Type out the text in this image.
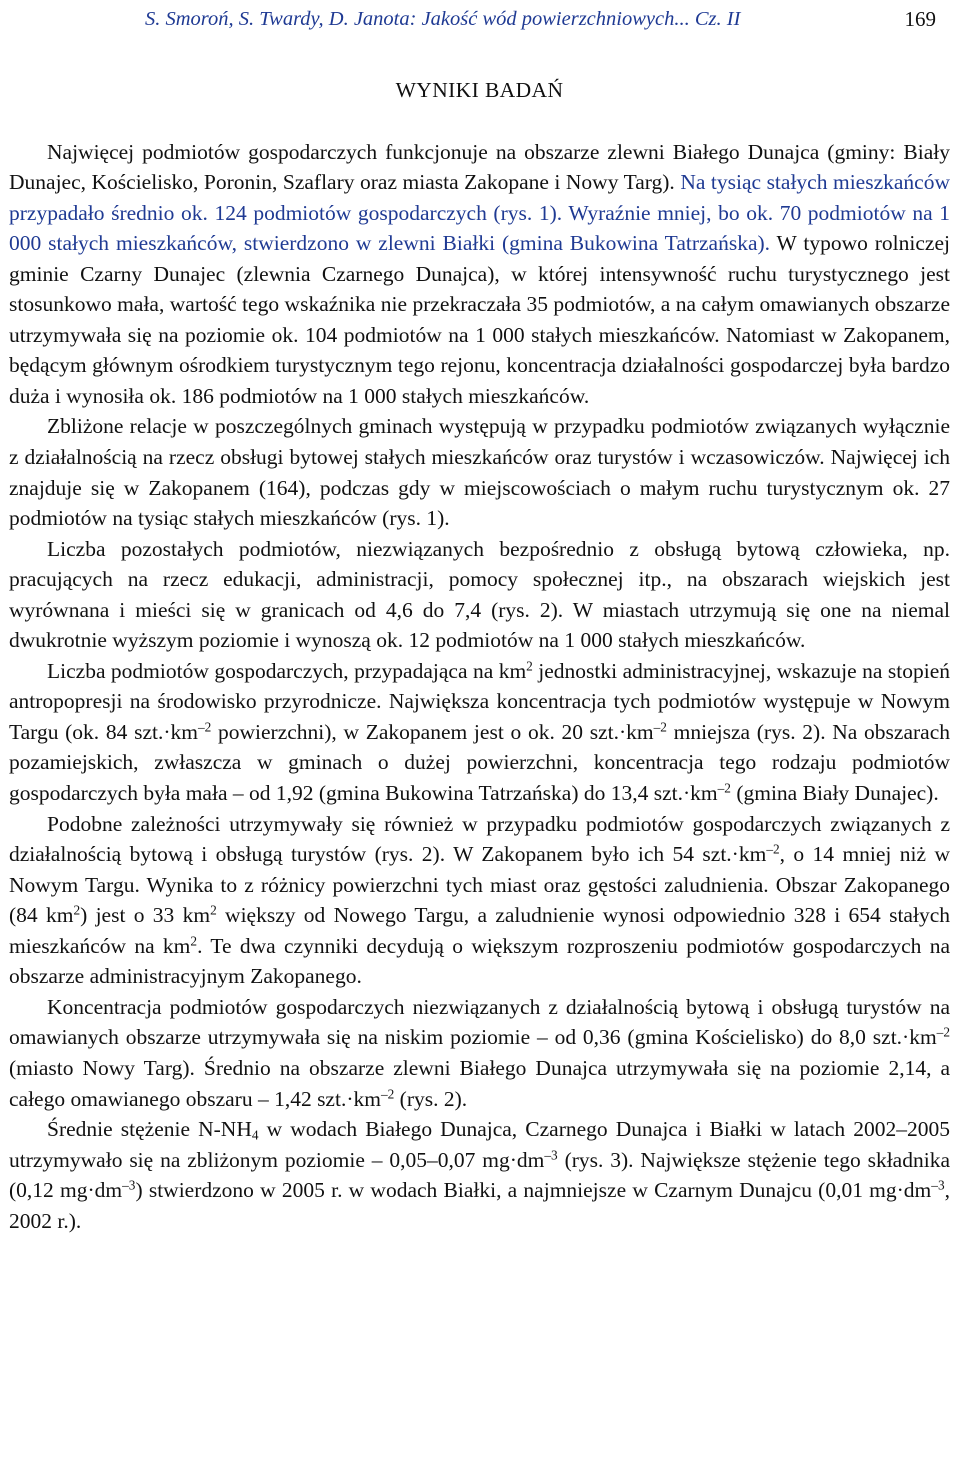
S. Smoroń, S. Twardy, D. Janota: Jakość wód powierzchniowych... Cz. II	169
WYNIKI BADAŃ

Najwięcej podmiotów gospodarczych funkcjonuje na obszarze zlewni Białego Dunajca (gminy: Biały Dunajec, Kościelisko, Poronin, Szaflary oraz miasta Zakopane i Nowy Targ). Na tysiąc stałych mieszkańców przypadało średnio ok. 124 podmiotów gospodarczych (rys. 1). Wyraźnie mniej, bo ok. 70 podmiotów na 1 000 stałych mieszkańców, stwierdzono w zlewni Białki (gmina Bukowina Tatrzańska). W typowo rolniczej gminie Czarny Dunajec (zlewnia Czarnego Dunajca), w której intensywność ruchu turystycznego jest stosunkowo mała, wartość tego wskaźnika nie przekraczała 35 podmiotów, a na całym omawianych obszarze utrzymywała się na poziomie ok. 104 podmiotów na 1 000 stałych mieszkańców. Natomiast w Zakopanem, będącym głównym ośrodkiem turystycznym tego rejonu, koncentracja działalności gospodarczej była bardzo duża i wynosiła ok. 186 podmiotów na 1 000 stałych mieszkańców.

Zbliżone relacje w poszczególnych gminach występują w przypadku podmiotów związanych wyłącznie z działalnością na rzecz obsługi bytowej stałych mieszkańców oraz turystów i wczasowiczów. Najwięcej ich znajduje się w Zakopanem (164), podczas gdy w miejscowościach o małym ruchu turystycznym ok. 27 podmiotów na tysiąc stałych mieszkańców (rys. 1).

Liczba pozostałych podmiotów, niezwiązanych bezpośrednio z obsługą bytową człowieka, np. pracujących na rzecz edukacji, administracji, pomocy społecznej itp., na obszarach wiejskich jest wyrównana i mieści się w granicach od 4,6 do 7,4 (rys. 2). W miastach utrzymują się one na niemal dwukrotnie wyższym poziomie i wynoszą ok. 12 podmiotów na 1 000 stałych mieszkańców.

Liczba podmiotów gospodarczych, przypadająca na $km^2$ jednostki administracyjnej, wskazuje na stopień antropopresji na środowisko przyrodnicze. Największa koncentracja tych podmiotów występuje w Nowym Targu (ok. 84 $szt.\cdot km^{-2}$ powierzchni), w Zakopanem jest o ok. 20 $szt.\cdot km^{-2}$ mniejsza (rys. 2). Na obszarach pozamiejskich, zwłaszcza w gminach o dużej powierzchni, koncentracja tego rodzaju podmiotów gospodarczych była mała – od 1,92 (gmina Bukowina Tatrzańska) do 13,4 $szt.\cdot km^{-2}$ (gmina Biały Dunajec).

Podobne zależności utrzymywały się również w przypadku podmiotów gospodarczych związanych z działalnością bytową i obsługą turystów (rys. 2). W Zakopanem było ich 54 $szt.\cdot km^{-2}$, o 14 mniej niż w Nowym Targu. Wynika to z różnicy powierzchni tych miast oraz gęstości zaludnienia. Obszar Zakopanego (84 $km^2$) jest o 33 $km^2$ większy od Nowego Targu, a zaludnienie wynosi odpowiednio 328 i 654 stałych mieszkańców na $km^2$. Te dwa czynniki decydują o większym rozproszeniu podmiotów gospodarczych na obszarze administracyjnym Zakopanego.

Koncentracja podmiotów gospodarczych niezwiązanych z działalnością bytową i obsługą turystów na omawianych obszarze utrzymywała się na niskim poziomie – od 0,36 (gmina Kościelisko) do 8,0 $szt.\cdot km^{-2}$ (miasto Nowy Targ). Średnio na obszarze zlewni Białego Dunajca utrzymywała się na poziomie 2,14, a całego omawianego obszaru – 1,42 $szt.\cdot km^{-2}$ (rys. 2).

Średnie stężenie $N-NH_4$ w wodach Białego Dunajca, Czarnego Dunajca i Białki w latach 2002–2005 utrzymywało się na zbliżonym poziomie – 0,05–0,07 $mg\cdot dm^{-3}$ (rys. 3). Największe stężenie tego składnika (0,12 $mg\cdot dm^{-3}$) stwierdzono w 2005 r. w wodach Białki, a najmniejsze w Czarnym Dunajcu (0,01 $mg\cdot dm^{-3}$, 2002 r.).
